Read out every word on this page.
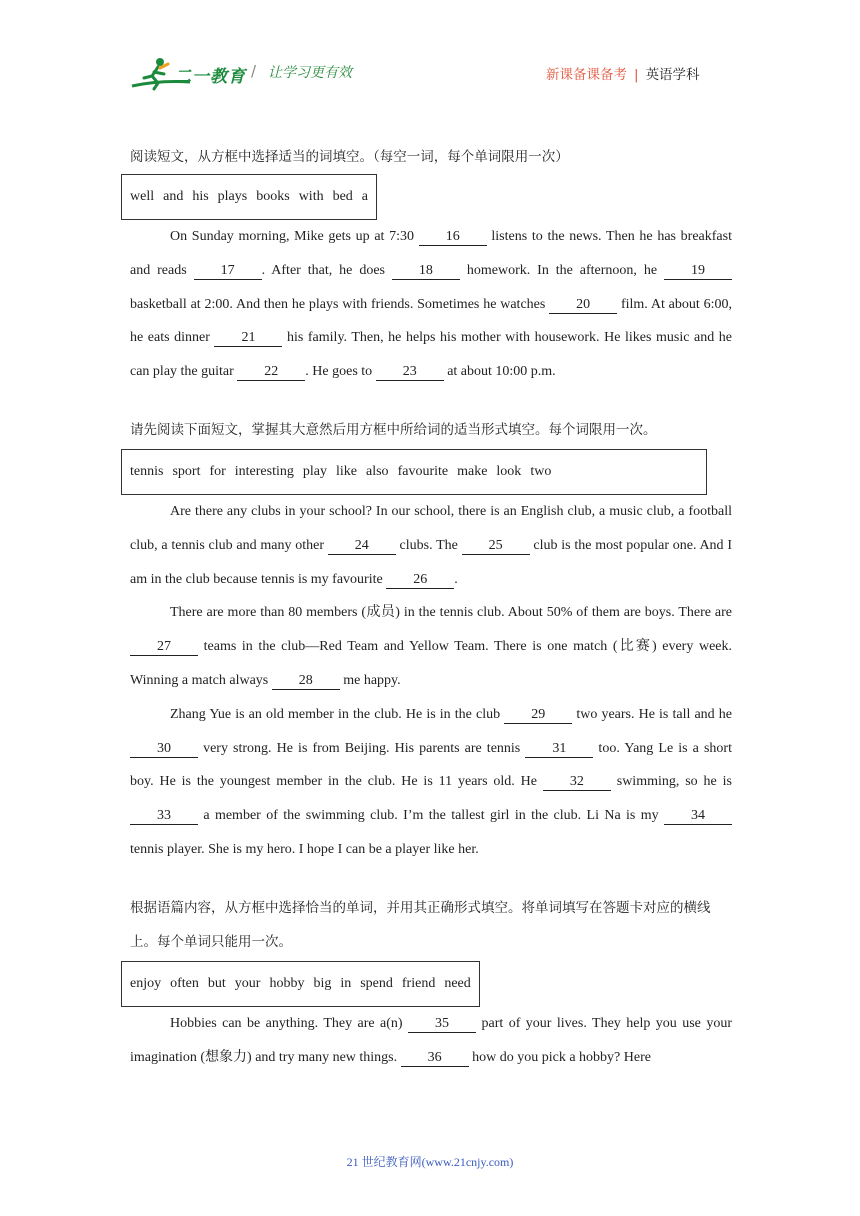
二一教育 / 让学习更有效	新课备课备考 | 英语学科
阅读短文，从方框中选择适当的词填空。（每空一词，每个单词限用一次）
well and his plays books with bed a

On Sunday morning, Mike gets up at 7:30 16 listens to the news. Then he has breakfast and reads 17 . After that, he does 18 homework. In the afternoon, he 19 basketball at 2:00. And then he plays with friends. Sometimes he watches 20 film. At about 6:00, he eats dinner 21 his family. Then, he helps his mother with housework. He likes music and he can play the guitar 22 . He goes to 23 at about 10:00 p.m.

请先阅读下面短文，掌握其大意然后用方框中所给词的适当形式填空。每个词限用一次。
tennis sport for interesting play like also favourite make look two

Are there any clubs in your school? In our school, there is an English club, a music club, a football club, a tennis club and many other 24 clubs. The 25 club is the most popular one. And I am in the club because tennis is my favourite 26 .

There are more than 80 members (成员) in the tennis club. About 50% of them are boys. There are 27 teams in the club—Red Team and Yellow Team. There is one match (比赛) every week. Winning a match always 28 me happy.

Zhang Yue is an old member in the club. He is in the club 29 two years. He is tall and he 30 very strong. He is from Beijing. His parents are tennis 31 too. Yang Le is a short boy. He is the youngest member in the club. He is 11 years old. He 32 swimming, so he is 33 a member of the swimming club. I’m the tallest girl in the club. Li Na is my 34 tennis player. She is my hero. I hope I can be a player like her.

根据语篇内容，从方框中选择恰当的单词，并用其正确形式填空。将单词填写在答题卡对应的横线上。每个单词只能用一次。
enjoy often but your hobby big in spend friend need

Hobbies can be anything. They are a(n) 35 part of your lives. They help you use your imagination (想象力) and try many new things. 36 how do you pick a hobby? Here

21 世纪教育网(www.21cnjy.com)
